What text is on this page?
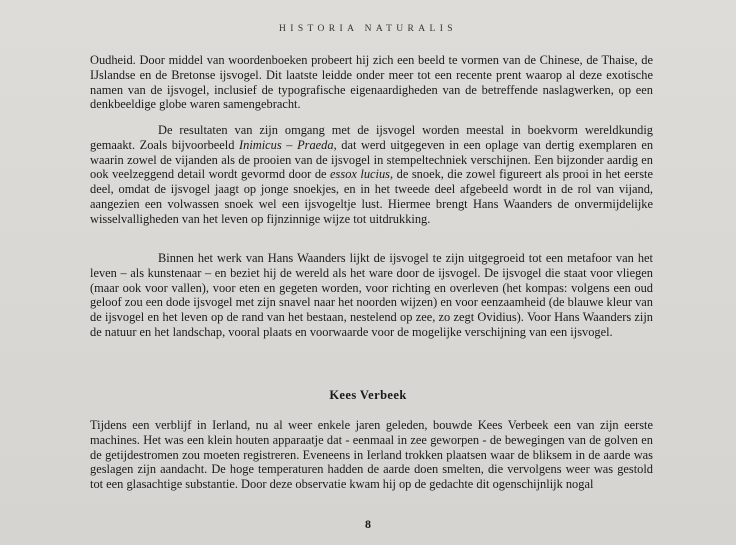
HISTORIA NATURALIS

Oudheid. Door middel van woordenboeken probeert hij zich een beeld te vormen van de Chinese, de Thaise, de IJslandse en de Bretonse ijsvogel. Dit laatste leidde onder meer tot een recente prent waarop al deze exotische namen van de ijsvogel, inclusief de typografische eigenaardigheden van de betreffende naslagwerken, op een denkbeeldige globe waren samengebracht.

De resultaten van zijn omgang met de ijsvogel worden meestal in boekvorm wereldkundig gemaakt. Zoals bijvoorbeeld Inimicus – Praeda, dat werd uitgegeven in een oplage van dertig exemplaren en waarin zowel de vijanden als de prooien van de ijsvogel in stempeltechniek verschijnen. Een bijzonder aardig en ook veelzeggend detail wordt gevormd door de essox lucius, de snoek, die zowel figureert als prooi in het eerste deel, omdat de ijsvogel jaagt op jonge snoekjes, en in het tweede deel afgebeeld wordt in de rol van vijand, aangezien een volwassen snoek wel een ijsvogeltje lust. Hiermee brengt Hans Waanders de onvermijdelijke wisselvalligheden van het leven op fijnzinnige wijze tot uitdrukking.

Binnen het werk van Hans Waanders lijkt de ijsvogel te zijn uitgegroeid tot een metafoor van het leven – als kunstenaar – en beziet hij de wereld als het ware door de ijsvogel. De ijsvogel die staat voor vliegen (maar ook voor vallen), voor eten en gegeten worden, voor richting en overleven (het kompas: volgens een oud geloof zou een dode ijsvogel met zijn snavel naar het noorden wijzen) en voor eenzaamheid (de blauwe kleur van de ijsvogel en het leven op de rand van het bestaan, nestelend op zee, zo zegt Ovidius). Voor Hans Waanders zijn de natuur en het landschap, vooral plaats en voorwaarde voor de mogelijke verschijning van een ijsvogel.

Kees Verbeek

Tijdens een verblijf in Ierland, nu al weer enkele jaren geleden, bouwde Kees Verbeek een van zijn eerste machines. Het was een klein houten apparaatje dat - eenmaal in zee geworpen - de bewegingen van de golven en de getijdestromen zou moeten registreren. Eveneens in Ierland trokken plaatsen waar de bliksem in de aarde was geslagen zijn aandacht. De hoge temperaturen hadden de aarde doen smelten, die vervolgens weer was gestold tot een glasachtige substantie. Door deze observatie kwam hij op de gedachte dit ogenschijnlijk nogal

8
